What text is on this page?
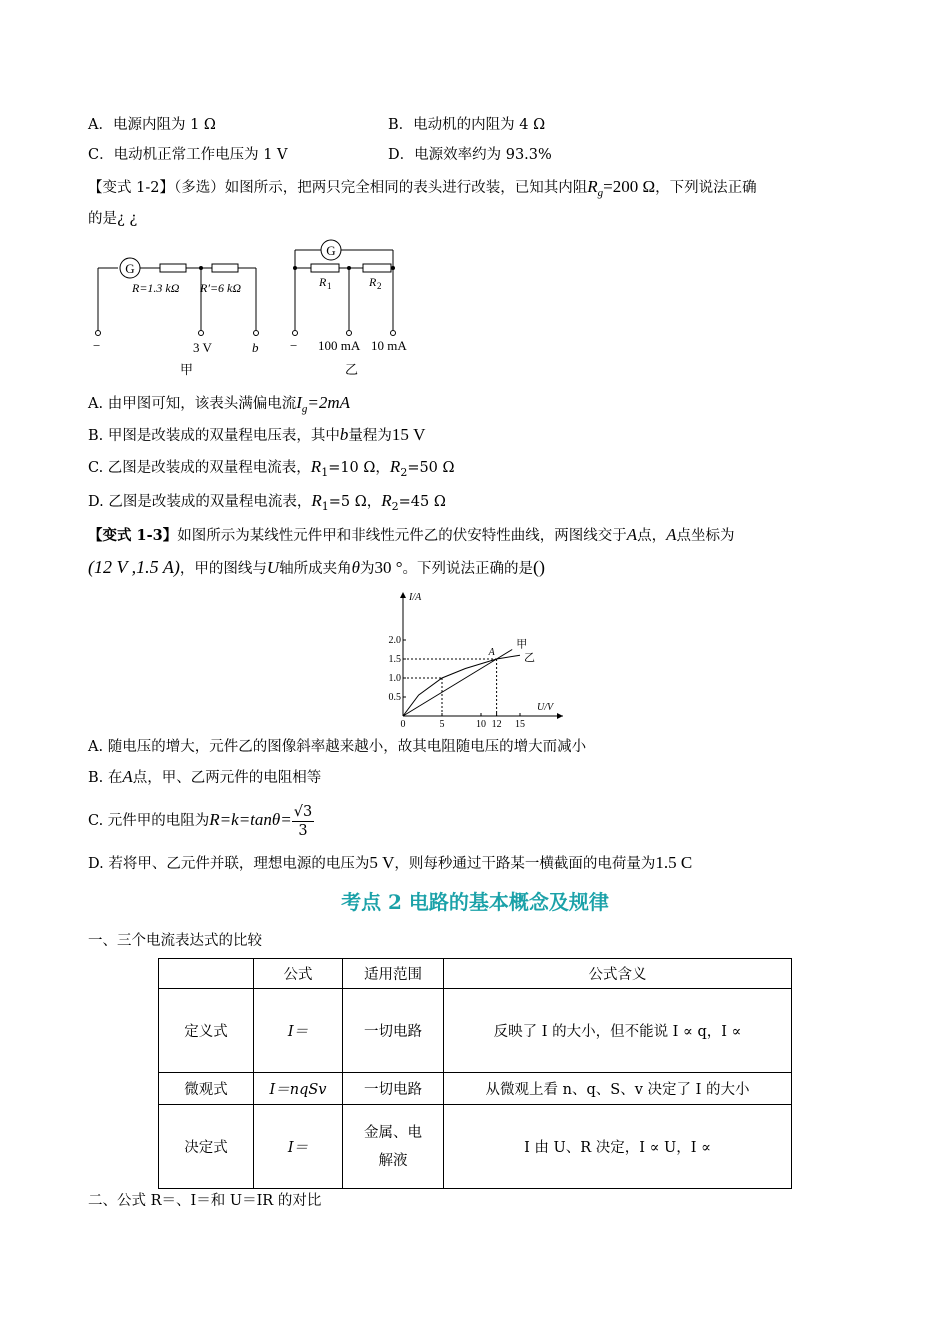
A．电源内阻为 1 Ω	B．电动机的内阻为 4 Ω
C．电动机正常工作电压为 1 V	D．电源效率约为 93.3%
【变式 1-2】（多选）如图所示，把两只完全相同的表头进行改装，已知其内阻$R_g=200$ Ω，下列说法正确
的是¿ ¿
G
R=1.3 kΩ R′=6 kΩ
−	3 V	b
甲
G
R 1	R 2
− 100 mA 10 mA
乙
A. 由甲图可知，该表头满偏电流$I_g=2mA$
B. 甲图是改装成的双量程电压表，其中b量程为15 V
C. 乙图是改装成的双量程电流表，$R_1=10$ Ω，$R_2=50$ Ω
D. 乙图是改装成的双量程电流表，$R_1=5$ Ω，$R_2=45$ Ω
【变式 1-3】如图所示为某线性元件甲和非线性元件乙的伏安特性曲线，两图线交于A点，A点坐标为
(12 V ,1.5 A)，甲的图线与U轴所成夹角θ为30 °。下列说法正确的是()
I/A
U/V
0	5	10 12 15
0.5
1.0
1.5
2.0	甲
乙
A
A. 随电压的增大，元件乙的图像斜率越来越小，故其电阻随电压的增大而减小
B. 在A点，甲、乙两元件的电阻相等
C. 元件甲的电阻为$R=k=\tan\theta= \frac{√3}{3}$
D. 若将甲、乙元件并联，理想电源的电压为5 V，则每秒通过干路某一横截面的电荷量为1.5 C
考点 2 电路的基本概念及规律
一、三个电流表达式的比较
	公式	适用范围	公式含义
定义式	I＝	一切电路	反映了 I 的大小，但不能说 I ∝ q，I ∝
微观式	I＝nqSv	一切电路	从微观上看 n、q、S、v 决定了 I 的大小
决定式	I＝	金属、电解液	I 由 U、R 决定，I ∝ U，I ∝
二、公式 R＝、I＝和 U＝IR 的对比
